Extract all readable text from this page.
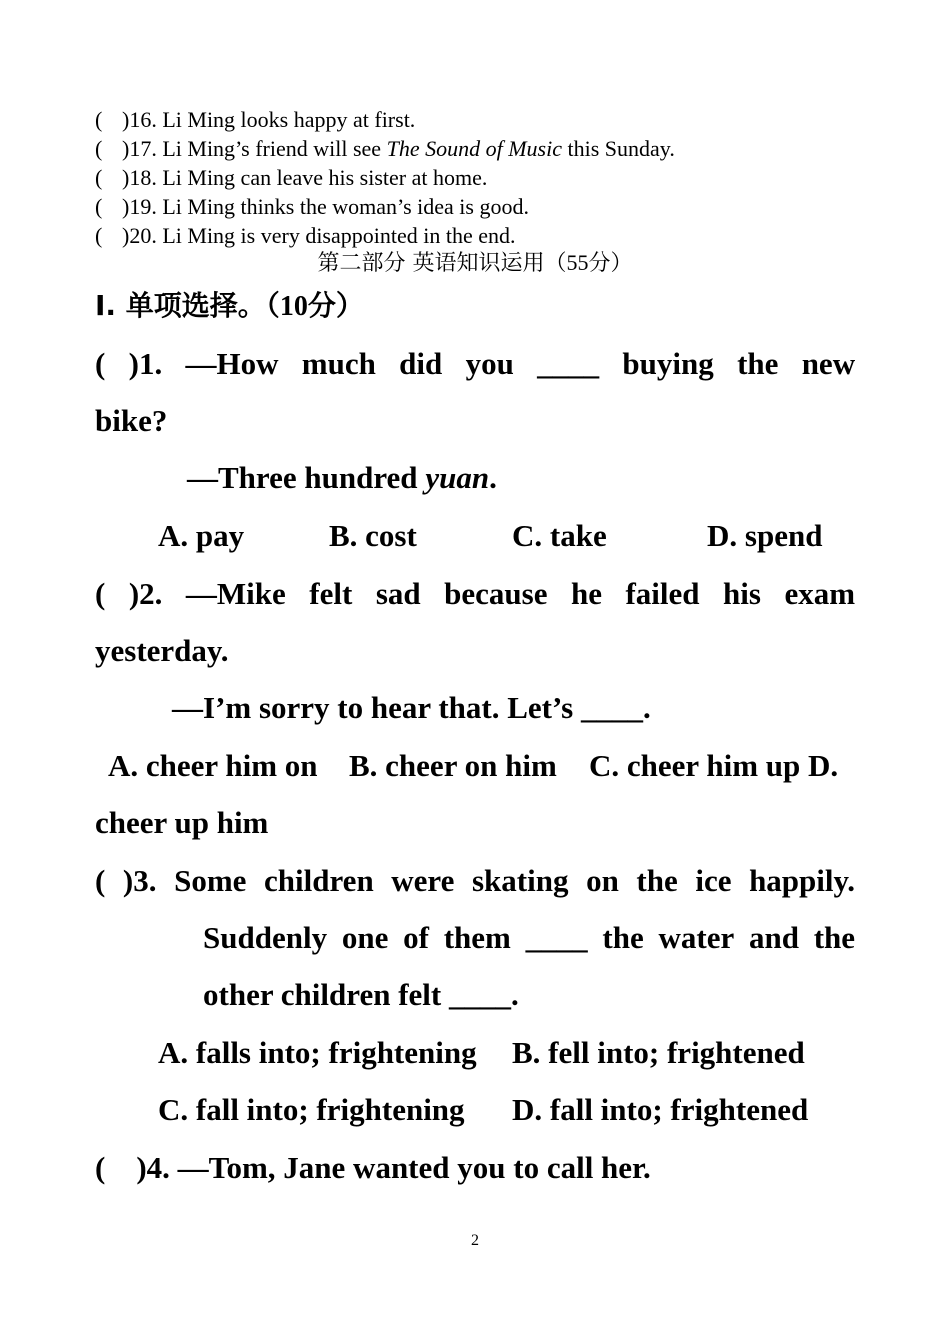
( )16. Li Ming looks happy at first.
( )17. Li Ming’s friend will see The Sound of Music this Sunday.
( )18. Li Ming can leave his sister at home.
( )19. Li Ming thinks the woman’s idea is good.
( )20. Li Ming is very disappointed in the end.
第二部分 英语知识运用（55分）
Ⅰ. 单项选择。（10分）
( )1. —How much did you ____ buying the new
bike?
—Three hundred yuan.
A. pay	B. cost	C. take	D. spend
( )2. —Mike felt sad because he failed his exam
yesterday.
—I’m sorry to hear that. Let’s ____.
A. cheer him on B. cheer on him C. cheer him up D.
cheer up him
( )3. Some children were skating on the ice happily.
Suddenly one of them ____ the water and the
other children felt ____.
A. falls into; frightening B. fell into; frightened
C. fall into; frightening D. fall into; frightened
(    )4. —Tom, Jane wanted you to call her.
2
